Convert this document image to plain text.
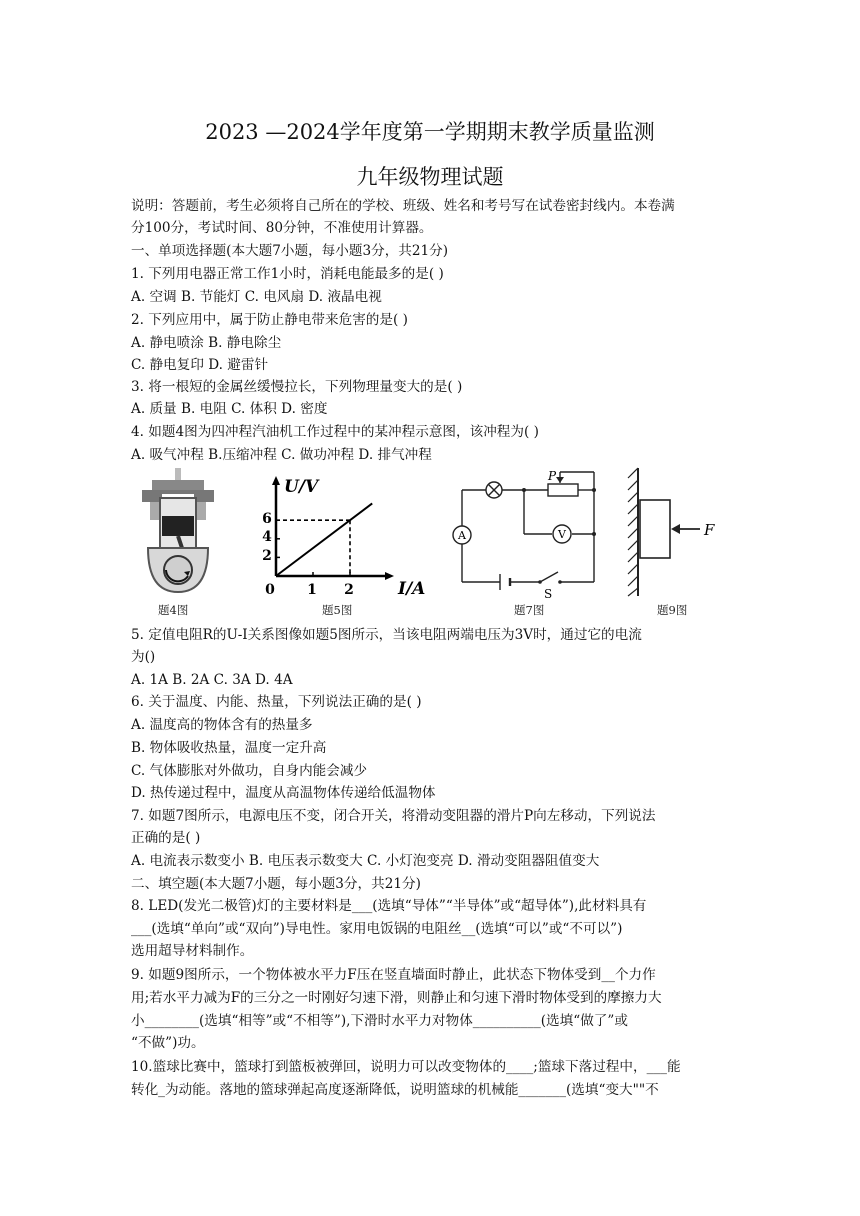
2023 —2024学年度第一学期期末教学质量监测
九年级物理试题
说明：答题前，考生必须将自己所在的学校、班级、姓名和考号写在试卷密封线内。本卷满
分100分，考试时间、80分钟，不准使用计算器。
一、单项选择题(本大题7小题，每小题3分，共21分)
1. 下列用电器正常工作1小时，消耗电能最多的是( )
A. 空调 B. 节能灯 C. 电风扇 D. 液晶电视
2. 下列应用中，属于防止静电带来危害的是( )
A. 静电喷涂 B. 静电除尘
C. 静电复印 D. 避雷针
3. 将一根短的金属丝缓慢拉长，下列物理量变大的是( )
A. 质量 B. 电阻 C. 体积 D. 密度
4. 如题4图为四冲程汽油机工作过程中的某冲程示意图，该冲程为( )
A. 吸气冲程 B.压缩冲程 C. 做功冲程 D. 排气冲程
题4图
U/V
I/A
0 1 2
2
4
6
题5图
P
A	V
S
题7图
F
题9图
5. 定值电阻R的U-I关系图像如题5图所示，当该电阻两端电压为3V时，通过它的电流
为()
A. 1A B. 2A C. 3A D. 4A
6. 关于温度、内能、热量，下列说法正确的是( )
A. 温度高的物体含有的热量多
B. 物体吸收热量，温度一定升高
C. 气体膨胀对外做功，自身内能会减少
D. 热传递过程中，温度从高温物体传递给低温物体
7. 如题7图所示，电源电压不变，闭合开关，将滑动变阻器的滑片P向左移动，下列说法
正确的是( )
A. 电流表示数变小 B. 电压表示数变大 C. 小灯泡变亮 D. 滑动变阻器阻值变大
二、填空题(本大题7小题，每小题3分，共21分)
8. LED(发光二极管)灯的主要材料是___(选填“导体”“半导体”或“超导体”),此材料具有
___(选填“单向”或“双向”)导电性。家用电饭锅的电阻丝__(选填“可以”或“不可以”)
选用超导材料制作。
9. 如题9图所示，一个物体被水平力F压在竖直墙面时静止，此状态下物体受到__个力作
用;若水平力减为F的三分之一时刚好匀速下滑，则静止和匀速下滑时物体受到的摩擦力大
小________(选填“相等”或“不相等”),下滑时水平力对物体__________(选填“做了”或
“不做”)功。
10.篮球比赛中，篮球打到篮板被弹回，说明力可以改变物体的____;篮球下落过程中，___能
转化_为动能。落地的篮球弹起高度逐渐降低，说明篮球的机械能_______(选填“变大""不
